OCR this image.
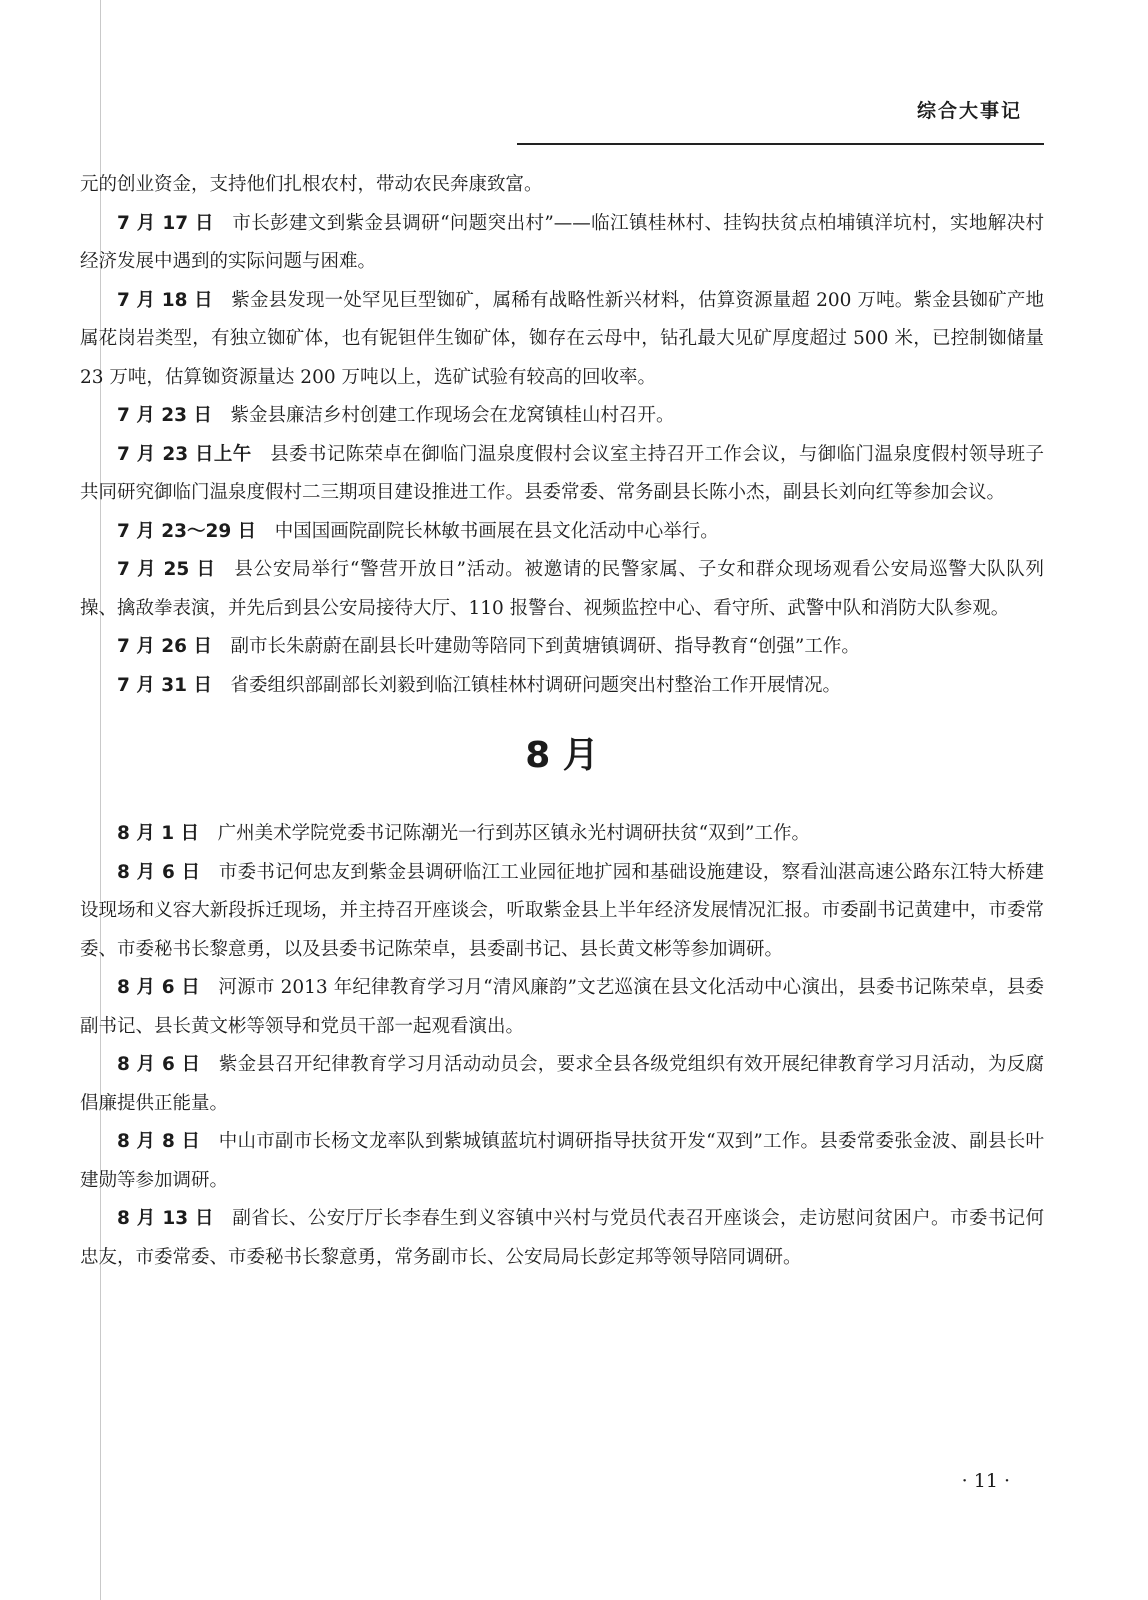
综合大事记

元的创业资金，支持他们扎根农村，带动农民奔康致富。

7 月 17 日 市长彭建文到紫金县调研“问题突出村”——临江镇桂林村、挂钩扶贫点柏埔镇洋坑村，实地解决村经济发展中遇到的实际问题与困难。

7 月 18 日 紫金县发现一处罕见巨型铷矿，属稀有战略性新兴材料，估算资源量超 200 万吨。紫金县铷矿产地属花岗岩类型，有独立铷矿体，也有铌钽伴生铷矿体，铷存在云母中，钻孔最大见矿厚度超过 500 米，已控制铷储量 23 万吨，估算铷资源量达 200 万吨以上，选矿试验有较高的回收率。

7 月 23 日 紫金县廉洁乡村创建工作现场会在龙窝镇桂山村召开。

7 月 23 日上午 县委书记陈荣卓在御临门温泉度假村会议室主持召开工作会议，与御临门温泉度假村领导班子共同研究御临门温泉度假村二三期项目建设推进工作。县委常委、常务副县长陈小杰，副县长刘向红等参加会议。

7 月 23～29 日 中国国画院副院长林敏书画展在县文化活动中心举行。

7 月 25 日 县公安局举行“警营开放日”活动。被邀请的民警家属、子女和群众现场观看公安局巡警大队队列操、擒敌拳表演，并先后到县公安局接待大厅、110 报警台、视频监控中心、看守所、武警中队和消防大队参观。

7 月 26 日 副市长朱蔚蔚在副县长叶建勋等陪同下到黄塘镇调研、指导教育“创强”工作。

7 月 31 日 省委组织部副部长刘毅到临江镇桂林村调研问题突出村整治工作开展情况。

8 月

8 月 1 日 广州美术学院党委书记陈潮光一行到苏区镇永光村调研扶贫“双到”工作。

8 月 6 日 市委书记何忠友到紫金县调研临江工业园征地扩园和基础设施建设，察看汕湛高速公路东江特大桥建设现场和义容大新段拆迁现场，并主持召开座谈会，听取紫金县上半年经济发展情况汇报。市委副书记黄建中，市委常委、市委秘书长黎意勇，以及县委书记陈荣卓，县委副书记、县长黄文彬等参加调研。

8 月 6 日 河源市 2013 年纪律教育学习月“清风廉韵”文艺巡演在县文化活动中心演出，县委书记陈荣卓，县委副书记、县长黄文彬等领导和党员干部一起观看演出。

8 月 6 日 紫金县召开纪律教育学习月活动动员会，要求全县各级党组织有效开展纪律教育学习月活动，为反腐倡廉提供正能量。

8 月 8 日 中山市副市长杨文龙率队到紫城镇蓝坑村调研指导扶贫开发“双到”工作。县委常委张金波、副县长叶建勋等参加调研。

8 月 13 日 副省长、公安厅厅长李春生到义容镇中兴村与党员代表召开座谈会，走访慰问贫困户。市委书记何忠友，市委常委、市委秘书长黎意勇，常务副市长、公安局局长彭定邦等领导陪同调研。

· 11 ·
